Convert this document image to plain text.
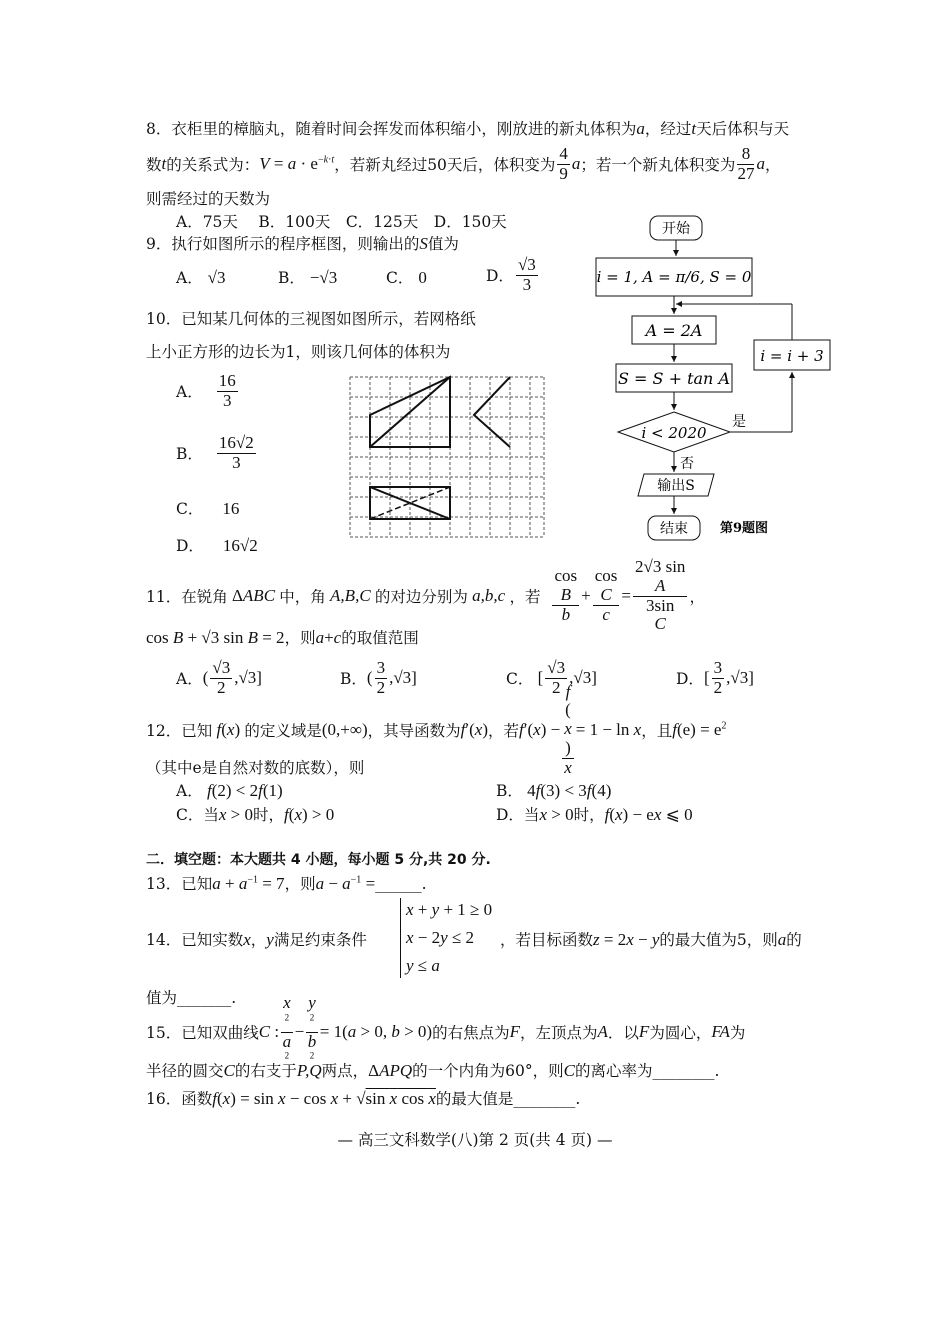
8．衣柜里的樟脑丸，随着时间会挥发而体积缩小，刚放进的新丸体积为a，经过t天后体积与天
数 t 的关系式为： $V = a \cdot e^{-k\cdot t}$ ，若新丸经过50天后，体积变为 $\frac{4}{9}$ a ；若一个新丸体积变为 $\frac{8}{27}$ a ，
则需经过的天数为
A．75天　 B．100天　C．125天　D．150天
9．执行如图所示的程序框图，则输出的S值为
A． √3	B． −√3	C． 0	D． $\frac{√3}{3}$
开始
i = 1, A = π/6, S = 0
A = 2A
S = S + tan A
i < 2020
是
i = i + 3
否
输出S
结束 第9题图
10．已知某几何体的三视图如图所示，若网格纸
上小正方形的边长为1，则该几何体的体积为
A． $\frac{16}{3}$
B． $\frac{16√2}{3}$
C． 16
D． 16√2
11．在锐角 ΔABC 中，角 A,B,C 的对边分别为 a,b,c ，若 cos
B
b + cos
C
c = 2√3 sin
A
3sin
C ，
cos B + √3 sin B = 2，则a+c的取值范围
A． ( $\frac{√3}{2} ,√3$]	B． ( $\frac{3}{2} ,√3$]	C． [ $\frac{√3}{2} ,√3$]	D． [ $\frac{3}{2} ,√3$]
12．已知 f(x) 的定义域是 (0,+∞) ，其导函数为 f′(x) ，若 f′(x) − f
(
x
)
x = 1 − ln x ，且 $f(e) = e^2$
（其中e是自然对数的底数），则
A． f(2) < 2f(1)	B． 4f(3) < 3f(4)
C．当x > 0时，f(x) > 0	D．当x > 0时，f(x) − ex ⩽ 0
二．填空题：本大题共 4 小题，每小题 5 分,共 20 分.
13．已知$a + a^{-1} = 7$，则$a - a^{-1}$ =______.
14．已知实数x，y满足约束条件
x + y + 1 ≥ 0
x − 2y ≤ 2
y ≤ a
，若目标函数z = 2x − y的最大值为5，则a的
值为_______.
15．已知双曲线 C : x
$^2$
a
$^2$ − y
$^2$
b
$^2$ = 1(a > 0, b > 0) 的右焦点为 F ，左顶点为 A ．以 F 为圆心， FA 为
半径的圆交C的右支于P,Q两点，ΔAPQ的一个内角为60°，则C的离心率为________.
16．函数f(x) = sin x − cos x + √sin x cos x的最大值是________.
— 高三文科数学(八)第 2 页(共 4 页) —
